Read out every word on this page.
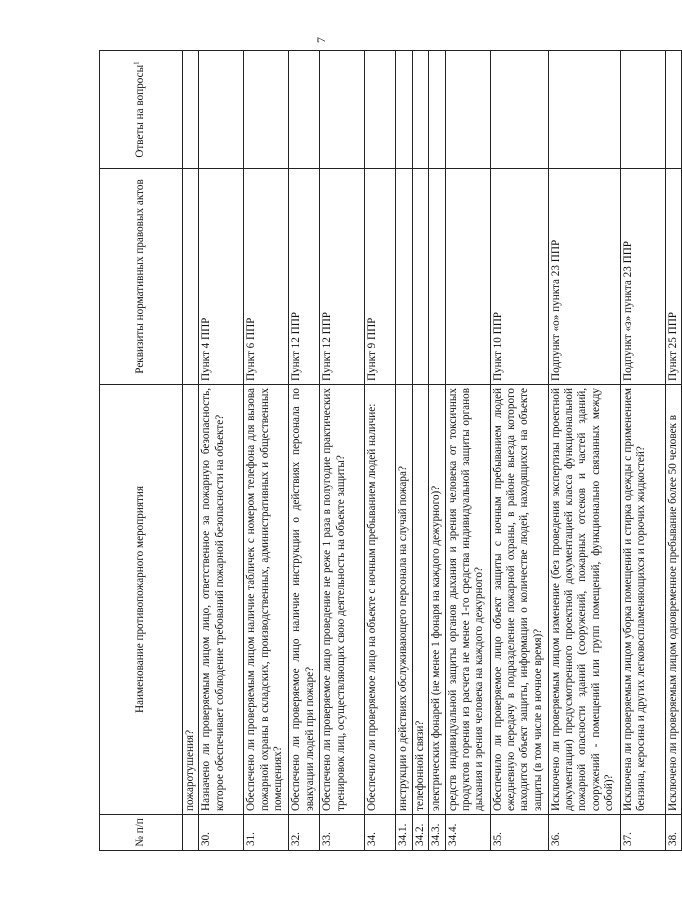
7
№ п/п	Наименование противопожарного мероприятия	Реквизиты нормативных правовых актов	Ответы на вопросы$^1$
	пожаротушения?		
30.	Назначено ли проверяемым лицом лицо, ответственное за пожарную безопасность, которое обеспечивает соблюдение требований пожарной безопасности на объекте?	Пункт 4 ППР	
31.	Обеспечено ли проверяемым лицом наличие табличек с номером телефона для вызова пожарной охраны в складских, производственных, административных и общественных помещениях?	Пункт 6 ППР	
32.	Обеспечено ли проверяемое лицо наличие инструкции о действиях персонала по эвакуации людей при пожаре?	Пункт 12 ППР	
33.	Обеспечено ли проверяемое лицо проведение не реже 1 раза в полугодие практических тренировок лиц, осуществляющих свою деятельность на объекте защиты?	Пункт 12 ППР	
34.	Обеспечило ли проверяемое лицо на объекте с ночным пребыванием людей наличие:	Пункт 9 ППР	
34.1.	инструкции о действиях обслуживающего персонала на случай пожара?		
34.2.	телефонной связи?		
34.3.	электрических фонарей (не менее 1 фонаря на каждого дежурного)?		
34.4.	средств индивидуальной защиты органов дыхания и зрения человека от токсичных продуктов горения из расчета не менее 1-го средства индивидуальной защиты органов дыхания и зрения человека на каждого дежурного?		
35.	Обеспечило ли проверяемое лицо объект защиты с ночным пребыванием людей ежедневную передачу в подразделение пожарной охраны, в районе выезда которого находится объект защиты, информации о количестве людей, находящихся на объекте защиты (в том числе в ночное время)?	Пункт 10 ППР	
36.	Исключено ли проверяемым лицом изменение (без проведения экспертизы проектной документации) предусмотренного проектной документацией класса функциональной пожарной опасности зданий (сооружений, пожарных отсеков и частей зданий, сооружений - помещений или групп помещений, функционально связанных между собой)?	Подпункт «о» пункта 23 ППР	
37.	Исключена ли проверяемым лицом уборка помещений и стирка одежды с применением бензина, керосина и других легковоспламеняющихся и горючих жидкостей?	Подпункт «з» пункта 23 ППР	
38.	Исключено ли проверяемым лицом одновременное пребывание более 50 человек в	Пункт 25 ППР	
